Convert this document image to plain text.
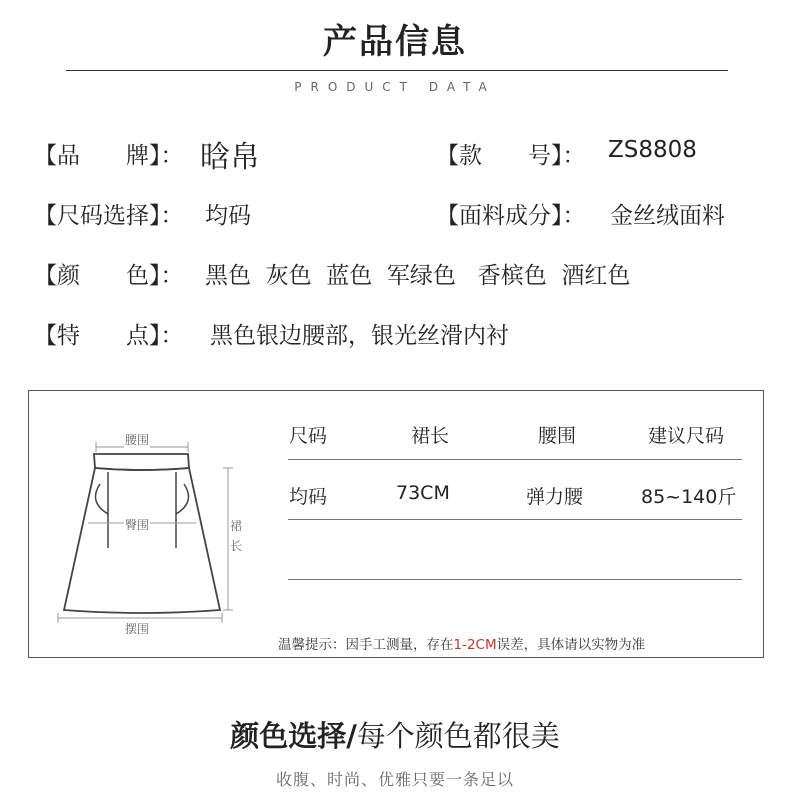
产品信息
PRODUCT DATA
【品　　牌】： 晗帛	【款　　号】： ZS8808
【尺码选择】： 均码	【面料成分】： 金丝绒面料
【颜　　色】： 黑色  灰色  蓝色  军绿色   香槟色  酒红色
【特　　点】： 黑色银边腰部，银光丝滑内衬
腰围
臀围	裙
长
摆围
尺码	裙长	腰围	建议尺码
均码	73CM	弹力腰	85~140斤
温馨提示：因手工测量，存在1-2CM误差，具体请以实物为准
颜色选择/每个颜色都很美
收腹、时尚、优雅只要一条足以
